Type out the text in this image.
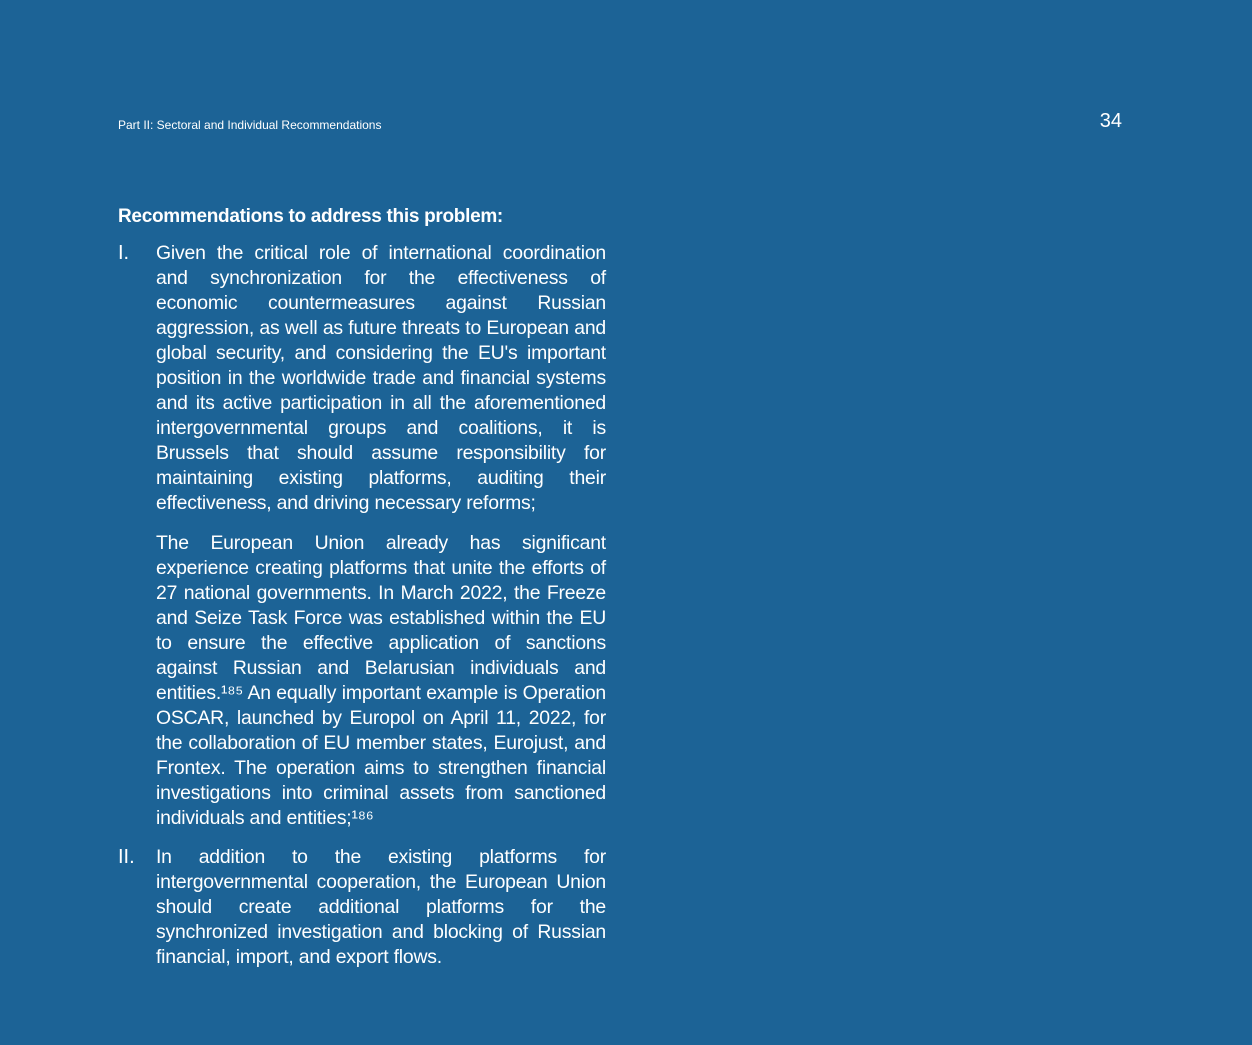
Part II: Sectoral and Individual Recommendations	34
Recommendations to address this problem:
I.	Given the critical role of international coordination and synchronization for the effectiveness of economic countermeasures against Russian aggression, as well as future threats to European and global security, and considering the EU's important position in the worldwide trade and financial systems and its active participation in all the aforementioned intergovernmental groups and coalitions, it is Brussels that should assume responsibility for maintaining existing platforms, auditing their effectiveness, and driving necessary reforms;

The European Union already has significant experience creating platforms that unite the efforts of 27 national governments. In March 2022, the Freeze and Seize Task Force was established within the EU to ensure the effective application of sanctions against Russian and Belarusian individuals and entities.¹⁸⁵ An equally important example is Operation OSCAR, launched by Europol on April 11, 2022, for the collaboration of EU member states, Eurojust, and Frontex. The operation aims to strengthen financial investigations into criminal assets from sanctioned individuals and entities;¹⁸⁶

II.	In addition to the existing platforms for intergovernmental cooperation, the European Union should create additional platforms for the synchronized investigation and blocking of Russian financial, import, and export flows.
